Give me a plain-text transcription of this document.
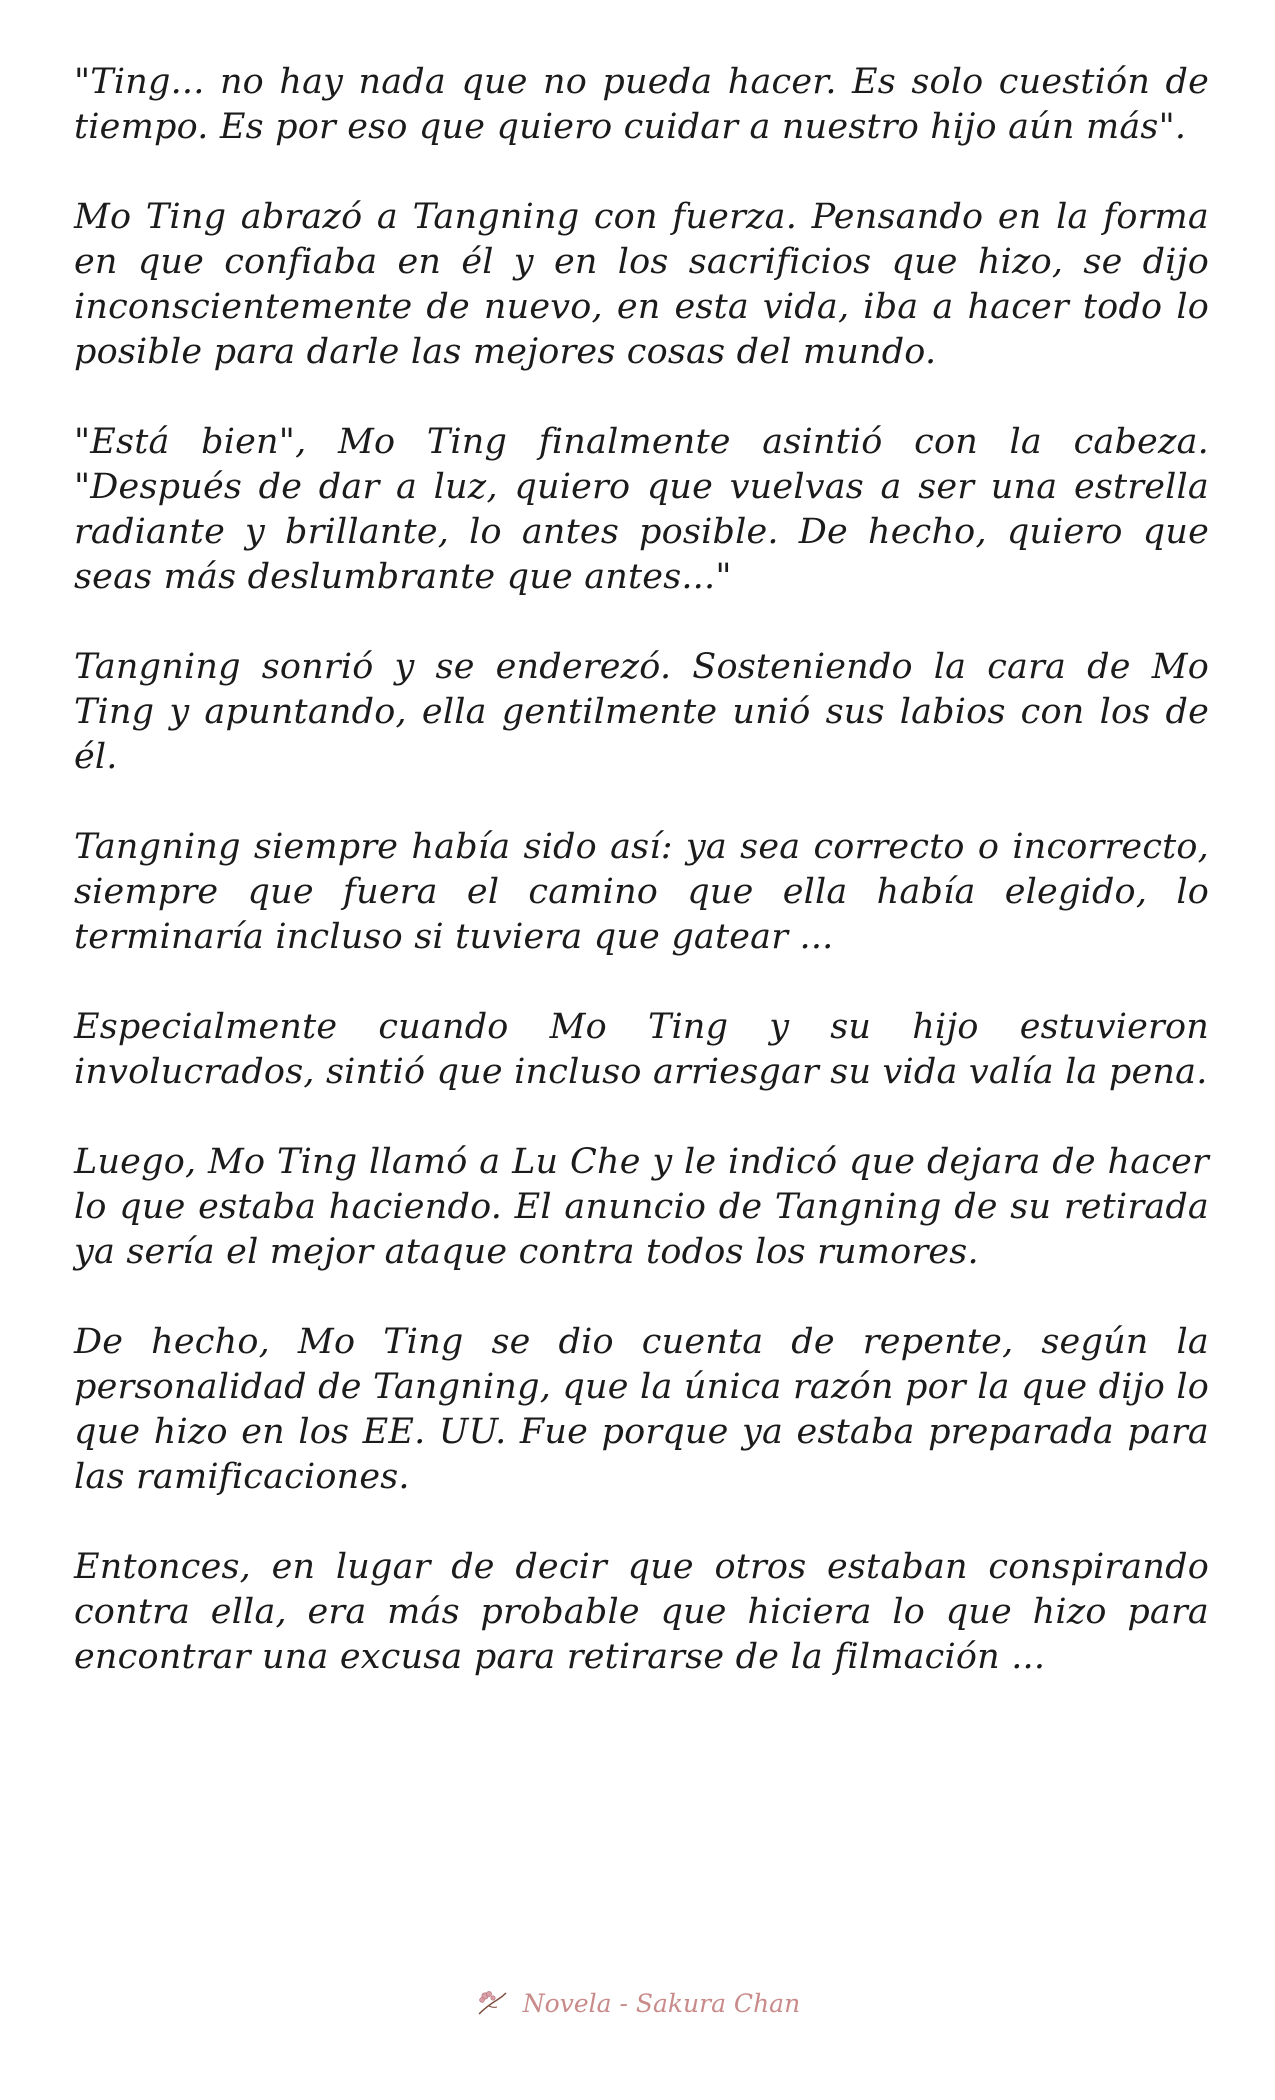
"Ting... no hay nada que no pueda hacer. Es solo cuestión de tiempo. Es por eso que quiero cuidar a nuestro hijo aún más".

Mo Ting abrazó a Tangning con fuerza. Pensando en la forma en que confiaba en él y en los sacrificios que hizo, se dijo inconscientemente de nuevo, en esta vida, iba a hacer todo lo posible para darle las mejores cosas del mundo.

"Está bien", Mo Ting finalmente asintió con la cabeza. "Después de dar a luz, quiero que vuelvas a ser una estrella radiante y brillante, lo antes posible. De hecho, quiero que seas más deslumbrante que antes..."

Tangning sonrió y se enderezó. Sosteniendo la cara de Mo Ting y apuntando, ella gentilmente unió sus labios con los de él.

Tangning siempre había sido así: ya sea correcto o incorrecto, siempre que fuera el camino que ella había elegido, lo terminaría incluso si tuviera que gatear ...

Especialmente cuando Mo Ting y su hijo estuvieron involucrados, sintió que incluso arriesgar su vida valía la pena.

Luego, Mo Ting llamó a Lu Che y le indicó que dejara de hacer lo que estaba haciendo. El anuncio de Tangning de su retirada ya sería el mejor ataque contra todos los rumores.

De hecho, Mo Ting se dio cuenta de repente, según la personalidad de Tangning, que la única razón por la que dijo lo que hizo en los EE. UU. Fue porque ya estaba preparada para las ramificaciones.

Entonces, en lugar de decir que otros estaban conspirando contra ella, era más probable que hiciera lo que hizo para encontrar una excusa para retirarse de la filmación ...

Novela - Sakura Chan
